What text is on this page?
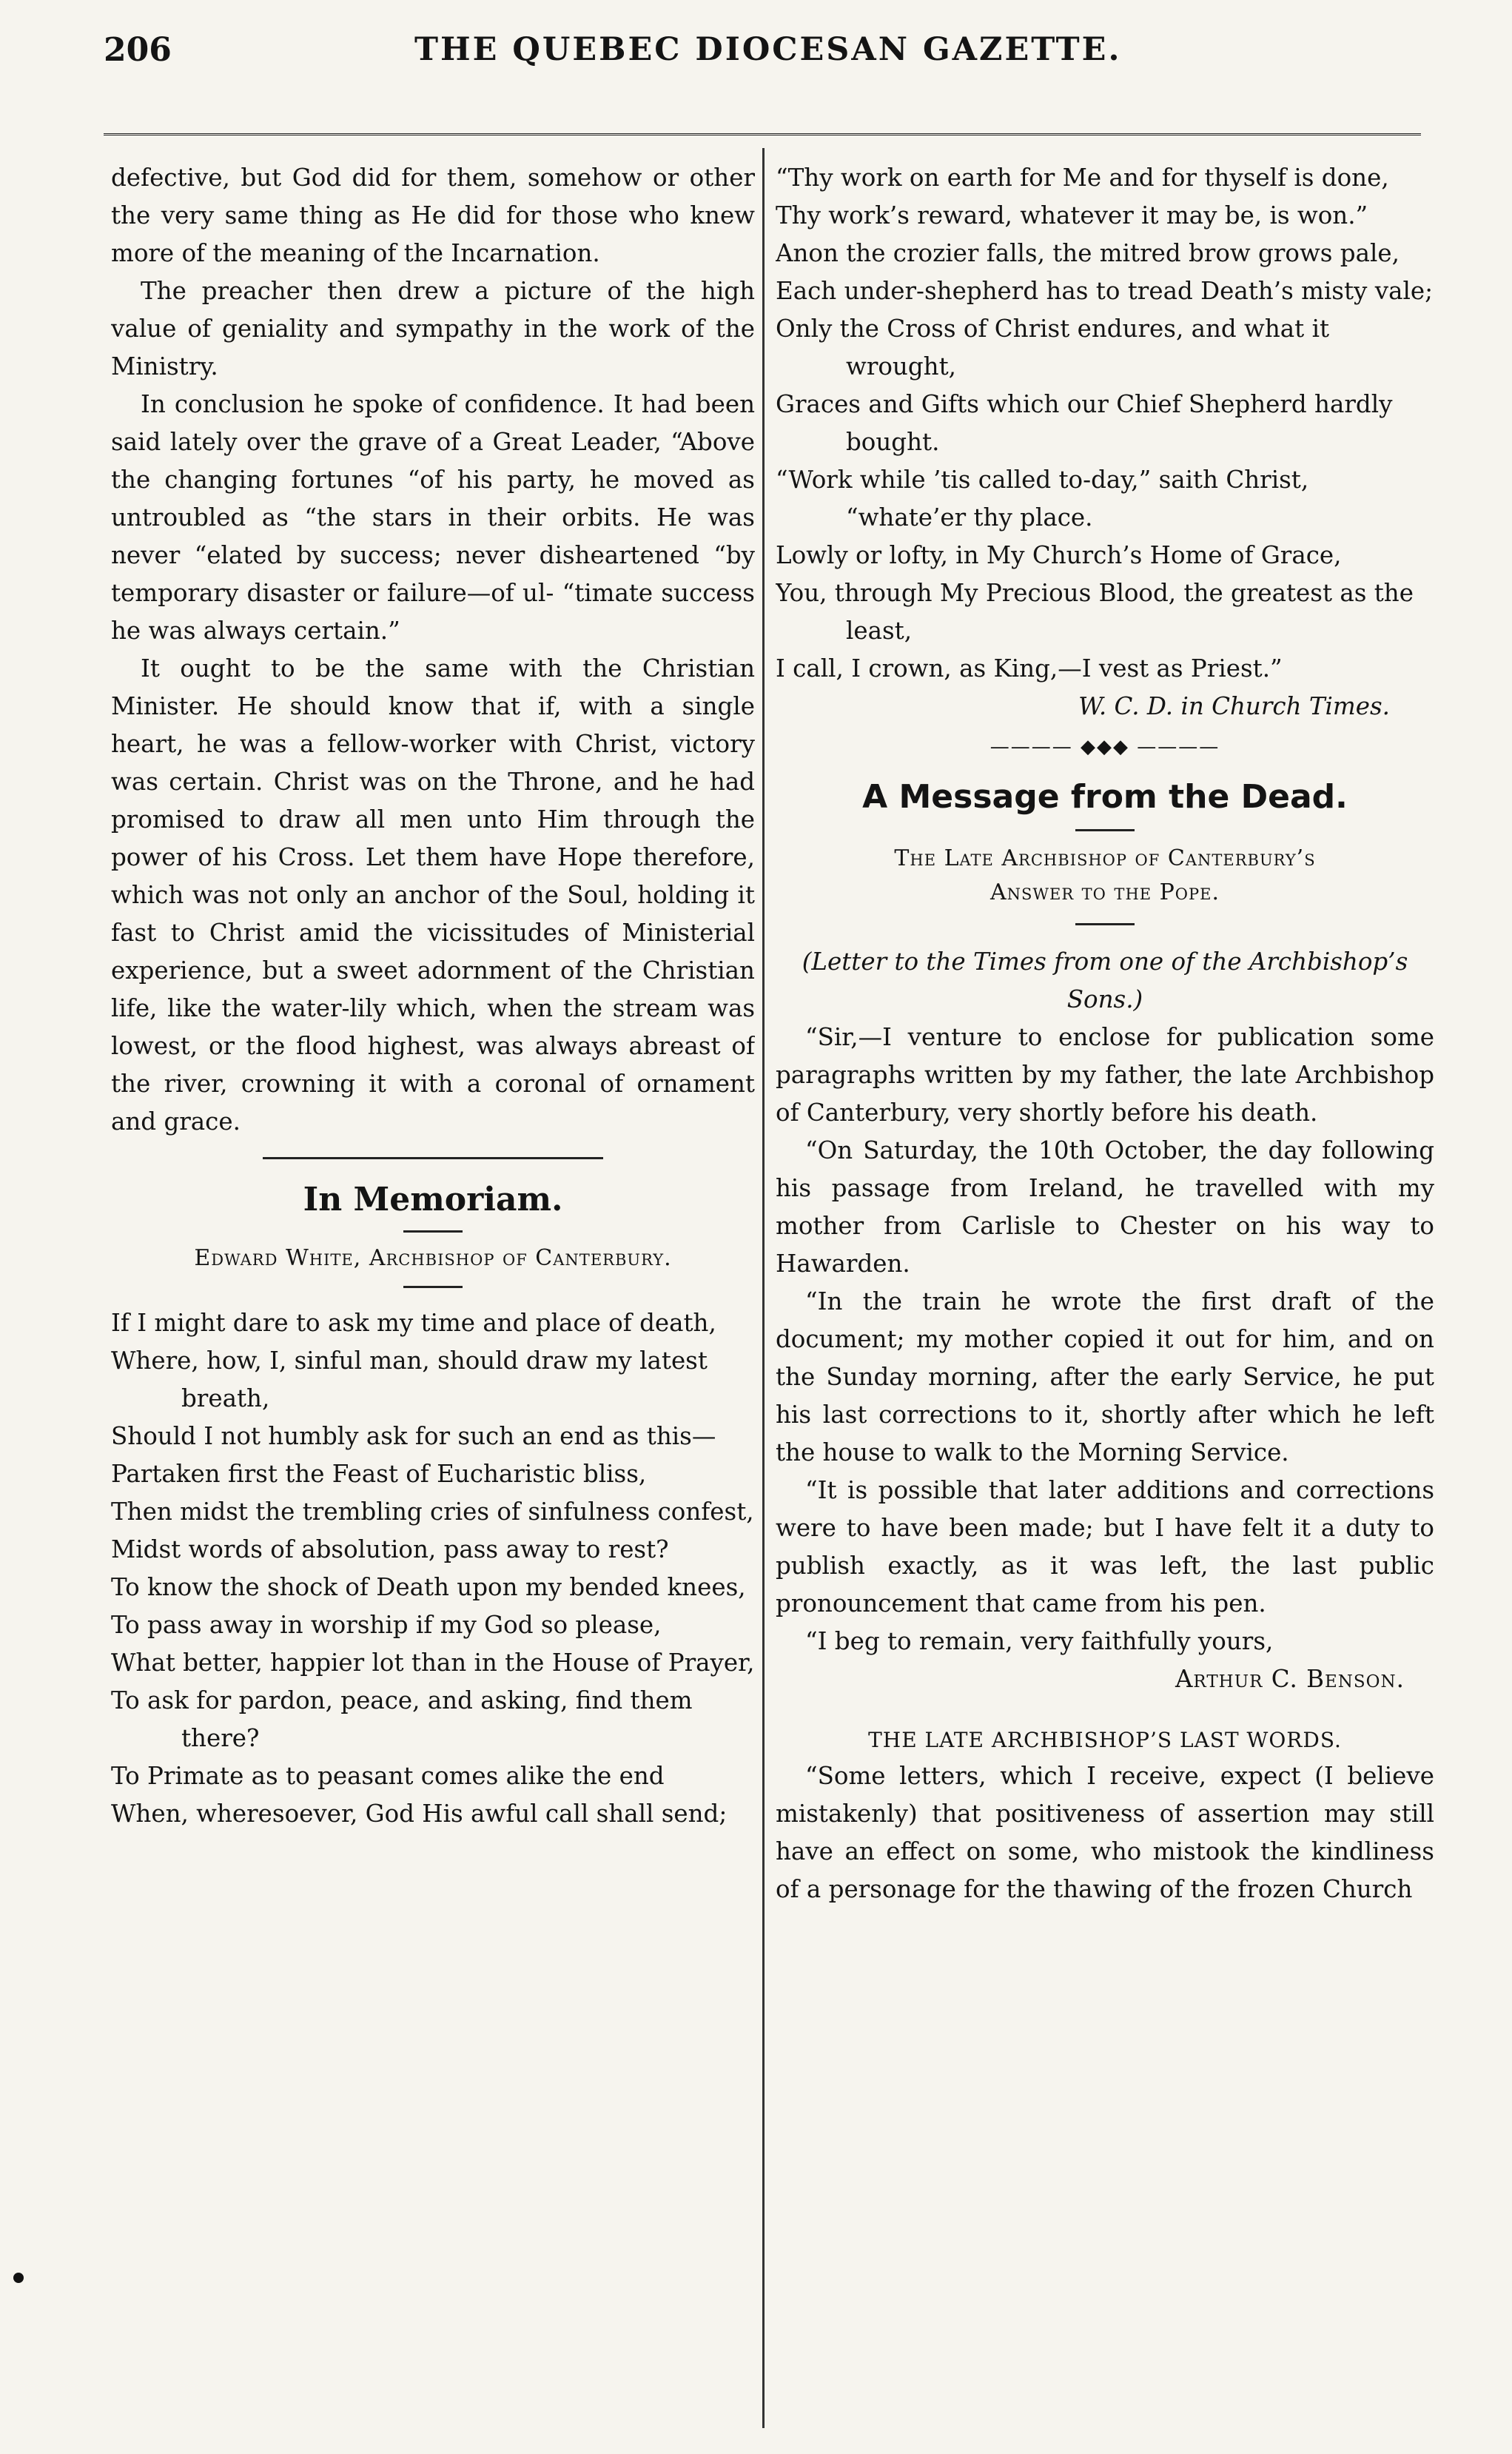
206	THE QUEBEC DIOCESAN GAZETTE.

defective, but God did for them, somehow or other the very same thing as He did for those who knew more of the meaning of the Incarnation.

The preacher then drew a picture of the high value of geniality and sympathy in the work of the Ministry.

In conclusion he spoke of confidence. It had been said lately over the grave of a Great Leader, “Above the changing fortunes “of his party, he moved as untroubled as “the stars in their orbits. He was never “elated by success; never disheartened “by temporary disaster or failure—of ul- “timate success he was always certain.”

It ought to be the same with the Christian Minister. He should know that if, with a single heart, he was a fellow-worker with Christ, victory was certain. Christ was on the Throne, and he had promised to draw all men unto Him through the power of his Cross. Let them have Hope therefore, which was not only an anchor of the Soul, holding it fast to Christ amid the vicissitudes of Ministerial experience, but a sweet adornment of the Christian life, like the water-lily which, when the stream was lowest, or the flood highest, was always abreast of the river, crowning it with a coronal of ornament and grace.

In Memoriam.
Edward White, Archbishop of Canterbury.

If I might dare to ask my time and place of death,

Where, how, I, sinful man, should draw my latest breath,

Should I not humbly ask for such an end as this—

Partaken first the Feast of Eucharistic bliss,

Then midst the trembling cries of sinfulness confest,

Midst words of absolution, pass away to rest?

To know the shock of Death upon my bended knees,

To pass away in worship if my God so please,

What better, happier lot than in the House of Prayer,

To ask for pardon, peace, and asking, find them there?

To Primate as to peasant comes alike the end

When, wheresoever, God His awful call shall send;

“Thy work on earth for Me and for thyself is done,

Thy work’s reward, whatever it may be, is won.”

Anon the crozier falls, the mitred brow grows pale,

Each under-shepherd has to tread Death’s misty vale;

Only the Cross of Christ endures, and what it wrought,

Graces and Gifts which our Chief Shepherd hardly bought.

“Work while ’tis called to-day,” saith Christ, “whate’er thy place.

Lowly or lofty, in My Church’s Home of Grace,

You, through My Precious Blood, the greatest as the least,

I call, I crown, as King,—I vest as Priest.”

W. C. D. in Church Times.

———— ◆◆◆ ————
A Message from the Dead.
The Late Archbishop of Canterbury’s
Answer to the Pope.

(Letter to the Times from one of the Archbishop’s Sons.)

“Sir,—I venture to enclose for publication some paragraphs written by my father, the late Archbishop of Canterbury, very shortly before his death.

“On Saturday, the 10th October, the day following his passage from Ireland, he travelled with my mother from Carlisle to Chester on his way to Hawarden.

“In the train he wrote the first draft of the document; my mother copied it out for him, and on the Sunday morning, after the early Service, he put his last corrections to it, shortly after which he left the house to walk to the Morning Service.

“It is possible that later additions and corrections were to have been made; but I have felt it a duty to publish exactly, as it was left, the last public pronouncement that came from his pen.

“I beg to remain, very faithfully yours,

Arthur C. Benson.

THE LATE ARCHBISHOP’S LAST WORDS.

“Some letters, which I receive, expect (I believe mistakenly) that positiveness of assertion may still have an effect on some, who mistook the kindliness of a personage for the thawing of the frozen Church
